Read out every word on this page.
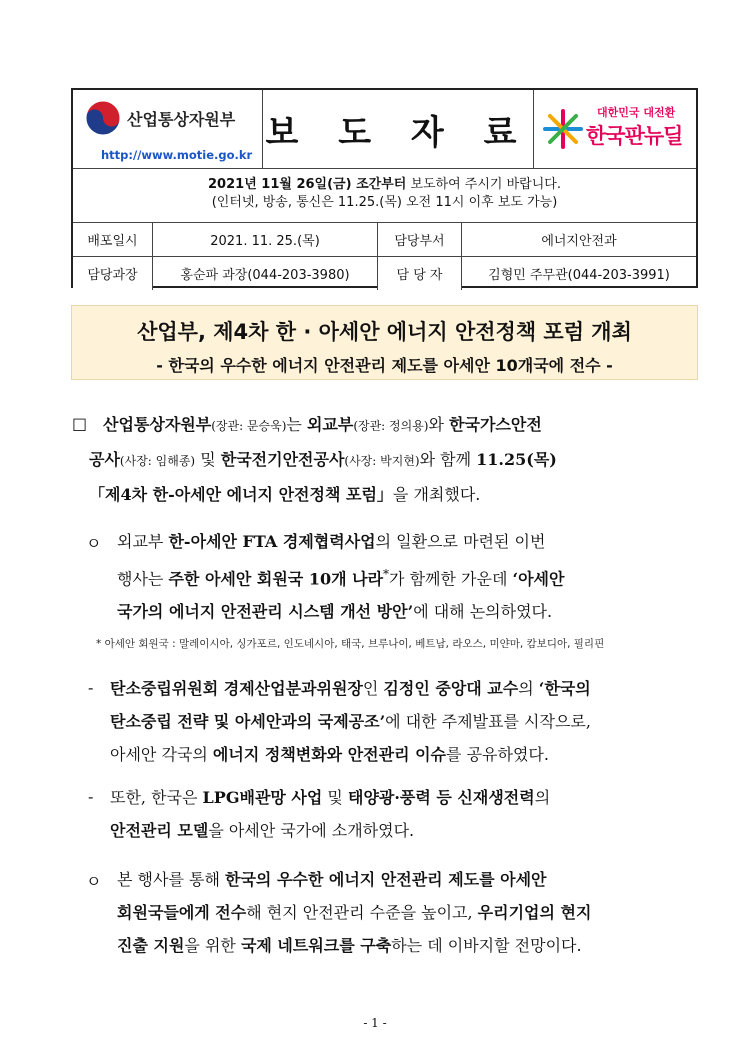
산업통상자원부
http://www.motie.go.kr
보 도 자 료	대한민국 대전환
한국판뉴딜
2021년 11월 26일(금) 조간부터 보도하여 주시기 바랍니다.
(인터넷, 방송, 통신은 11.25.(목) 오전 11시 이후 보도 가능)
배포일시	2021. 11. 25.(목)	담당부서	에너지안전과
담당과장	홍순파 과장(044-203-3980)	담 당 자	김형민 주무관(044-203-3991)
산업부, 제4차 한 · 아세안 에너지 안전정책 포럼 개최
- 한국의 우수한 에너지 안전관리 제도를 아세안 10개국에 전수 -
□ 산업통상자원부(장관: 문승욱)는 외교부(장관: 정의용)와 한국가스안전
공사(사장: 임해종) 및 한국전기안전공사(사장: 박지현)와 함께 11.25(목)
「제4차 한-아세안 에너지 안전정책 포럼」을 개최했다.
ㅇ 외교부 한-아세안 FTA 경제협력사업의 일환으로 마련된 이번
행사는 주한 아세안 회원국 10개 나라*가 함께한 가운데 ‘아세안
국가의 에너지 안전관리 시스템 개선 방안’에 대해 논의하였다.
* 아세안 회원국 : 말레이시아, 싱가포르, 인도네시아, 태국, 브루나이, 베트남, 라오스, 미얀마, 캄보디아, 필리핀
- 탄소중립위원회 경제산업분과위원장인 김정인 중앙대 교수의 ‘한국의
탄소중립 전략 및 아세안과의 국제공조’에 대한 주제발표를 시작으로,
아세안 각국의 에너지 정책변화와 안전관리 이슈를 공유하였다.
- 또한, 한국은 LPG배관망 사업 및 태양광·풍력 등 신재생전력의
안전관리 모델을 아세안 국가에 소개하였다.
ㅇ 본 행사를 통해 한국의 우수한 에너지 안전관리 제도를 아세안
회원국들에게 전수해 현지 안전관리 수준을 높이고, 우리기업의 현지
진출 지원을 위한 국제 네트워크를 구축하는 데 이바지할 전망이다.
- 1 -
